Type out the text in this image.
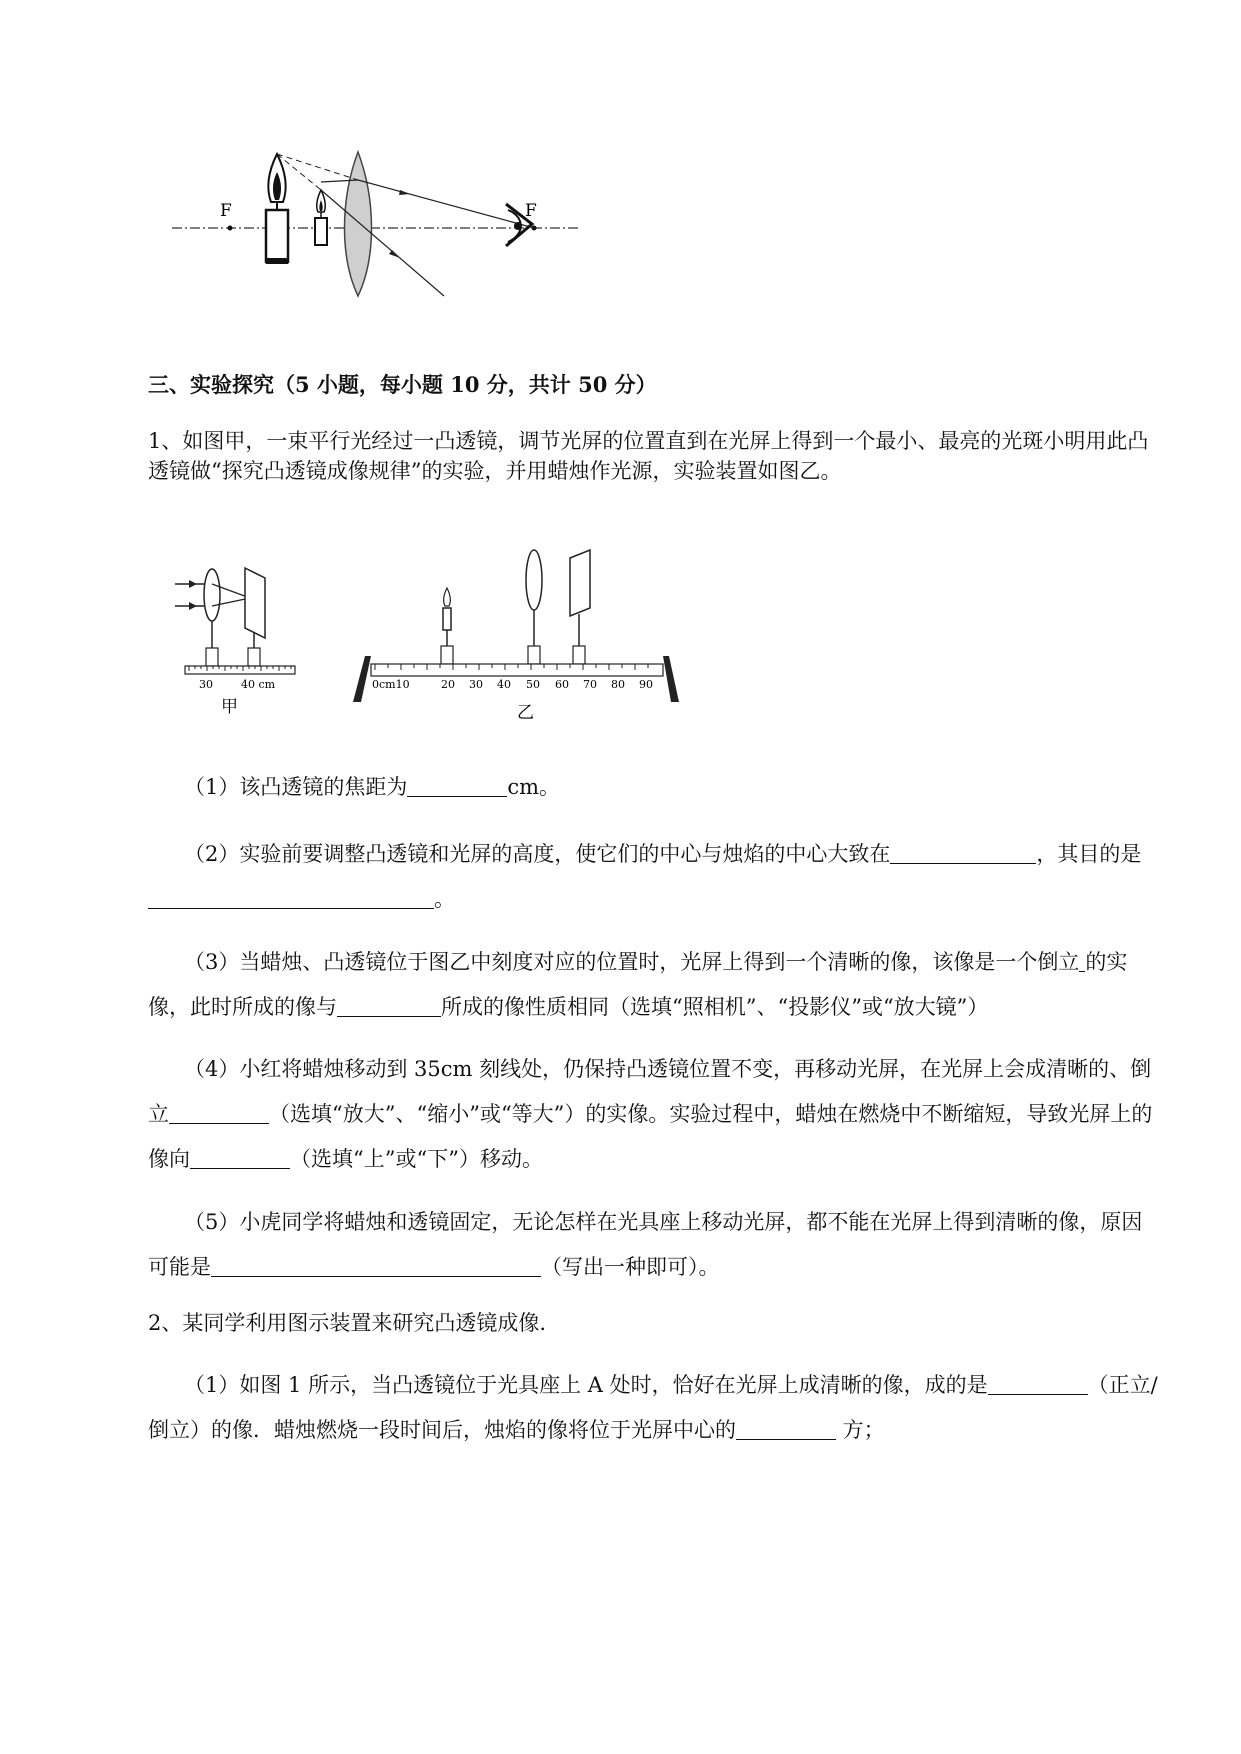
F	F
三、实验探究（5 小题，每小题 10 分，共计 50 分）
1、如图甲，一束平行光经过一凸透镜，调节光屏的位置直到在光屏上得到一个最小、最亮的光斑小明用此凸透镜做“探究凸透镜成像规律”的实验，并用蜡烛作光源，实验装置如图乙。
30	40 cm
甲
0cm10	20 30 40 50 60 70 80 90
乙
（1）该凸透镜的焦距为	cm。
（2）实验前要调整凸透镜和光屏的高度，使它们的中心与烛焰的中心大致在	，其目的是。
（3）当蜡烛、凸透镜位于图乙中刻度对应的位置时，光屏上得到一个清晰的像，该像是一个倒立 的实像，此时所成的像与	所成的像性质相同（选填“照相机”、“投影仪”或“放大镜”）
（4）小红将蜡烛移动到 35cm 刻线处，仍保持凸透镜位置不变，再移动光屏，在光屏上会成清晰的、倒立	（选填“放大”、“缩小”或“等大”）的实像。实验过程中，蜡烛在燃烧中不断缩短，导致光屏上的像向	（选填“上”或“下”）移动。
（5）小虎同学将蜡烛和透镜固定，无论怎样在光具座上移动光屏，都不能在光屏上得到清晰的像，原因可能是	（写出一种即可）。
2、某同学利用图示装置来研究凸透镜成像.
（1）如图 1 所示，当凸透镜位于光具座上 A 处时，恰好在光屏上成清晰的像，成的是	（正立/倒立）的像．蜡烛燃烧一段时间后，烛焰的像将位于光屏中心的	方；
